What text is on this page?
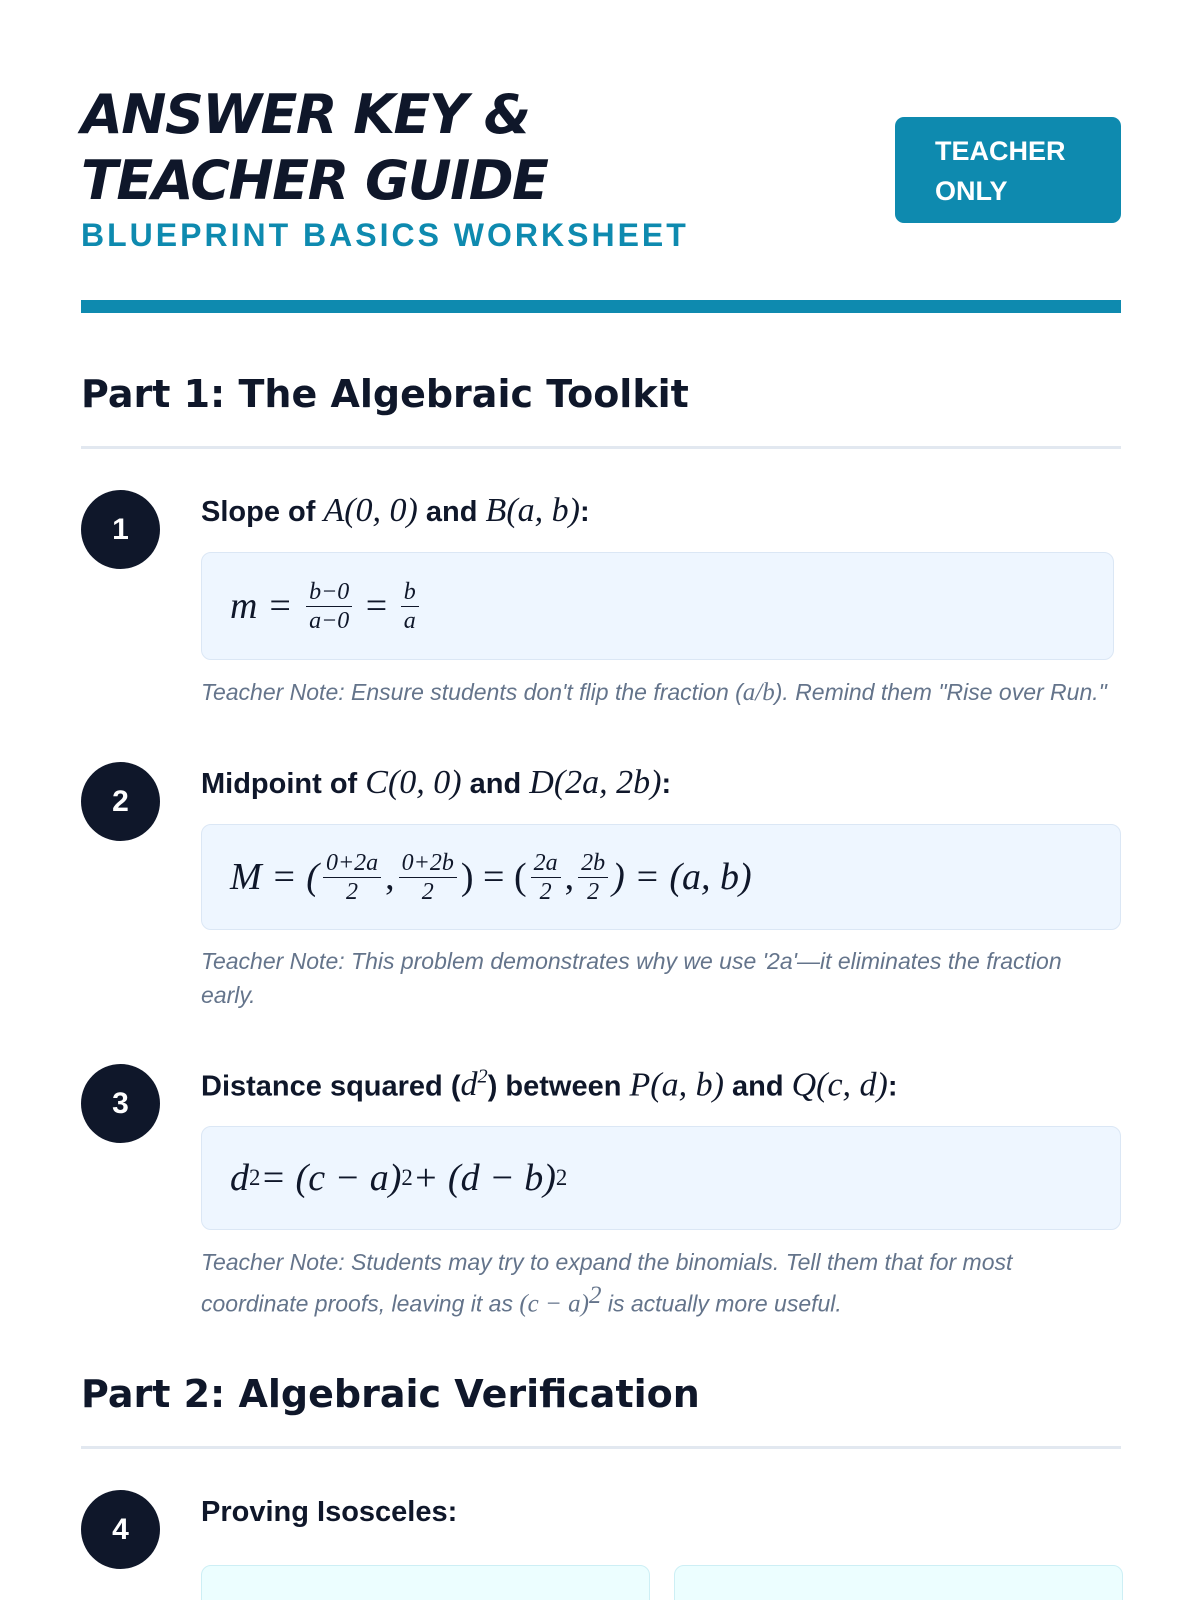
ANSWER KEY &
TEACHER GUIDE
BLUEPRINT BASICS WORKSHEET
TEACHER
ONLY
Part 1: The Algebraic Toolkit
1
Slope of A(0, 0) and B(a, b):
m =
$\frac{b-0}{a-0}$
=
$\frac{b}{a}$
Teacher Note: Ensure students don't flip the fraction (a/b). Remind them "Rise over Run."
2
Midpoint of C(0, 0) and D(2a, 2b):
M = ( $\frac{0+2a}{2}$ , $\frac{0+2b}{2}$ ) = ( $\frac{2a}{2}$ , $\frac{2b}{2}$ ) = (a, b)
Teacher Note: This problem demonstrates why we use '2a'—it eliminates the fraction early.
3
Distance squared $(d^2)$ between P(a, b) and Q(c, d):
d 2 = (c − a) 2 + (d − b) 2
Teacher Note: Students may try to expand the binomials. Tell them that for most coordinate proofs, leaving it as $(c - a)^2$ is actually more useful.
Part 2: Algebraic Verification
4
Proving Isosceles:
